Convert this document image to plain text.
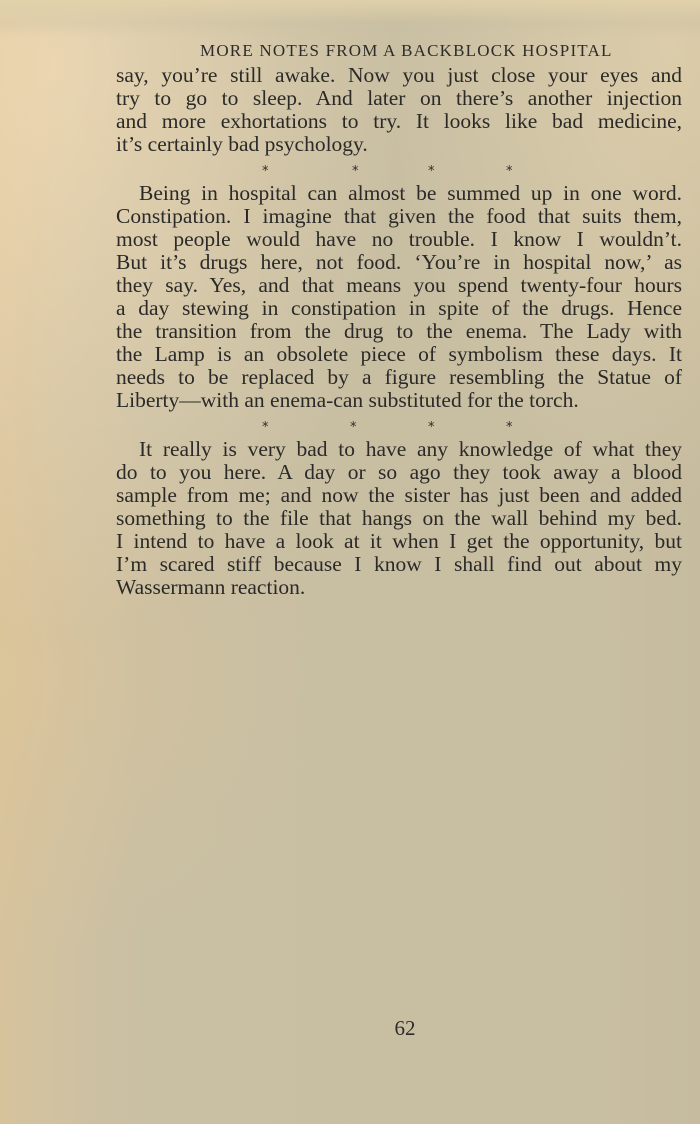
MORE NOTES FROM A BACKBLOCK HOSPITAL
say, you’re still awake. Now you just close your eyes and
try to go to sleep. And later on there’s another injection
and more exhortations to try. It looks like bad medicine,
it’s certainly bad psychology.
*	*	*	*
Being in hospital can almost be summed up in one word.
Constipation. I imagine that given the food that suits them,
most people would have no trouble. I know I wouldn’t.
But it’s drugs here, not food. ‘You’re in hospital now,’ as
they say. Yes, and that means you spend twenty-four hours
a day stewing in constipation in spite of the drugs. Hence
the transition from the drug to the enema. The Lady with
the Lamp is an obsolete piece of symbolism these days. It
needs to be replaced by a figure resembling the Statue of
Liberty—with an enema-can substituted for the torch.
*	*	*	*
It really is very bad to have any knowledge of what they
do to you here. A day or so ago they took away a blood
sample from me; and now the sister has just been and added
something to the file that hangs on the wall behind my bed.
I intend to have a look at it when I get the opportunity, but
I’m scared stiff because I know I shall find out about my
Wassermann reaction.
62
